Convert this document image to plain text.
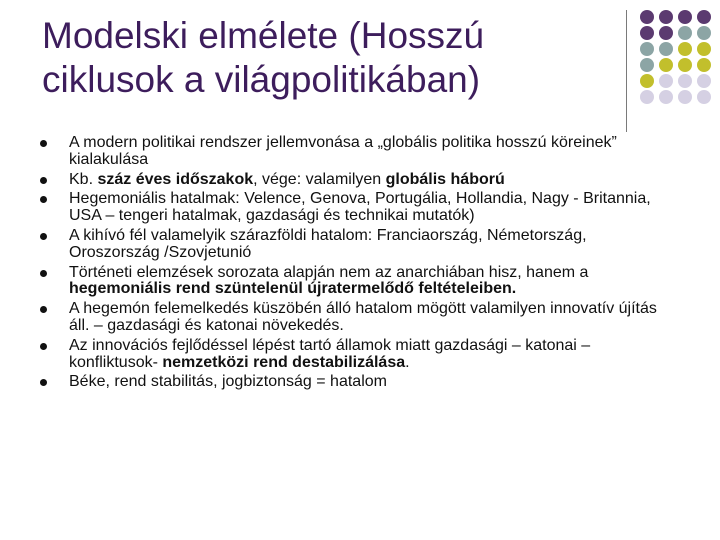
Modelski elmélete (Hosszú
ciklusok a világpolitikában)
A modern politikai rendszer jellemvonása a „globális politika hosszú köreinek” kialakulása
Kb. száz éves időszakok, vége: valamilyen globális háború
Hegemoniális hatalmak: Velence, Genova, Portugália, Hollandia, Nagy - Britannia, USA – tengeri hatalmak, gazdasági és technikai mutatók)
A kihívó fél valamelyik szárazföldi hatalom: Franciaország, Németország, Oroszország /Szovjetunió
Történeti elemzések sorozata alapján nem az anarchiában hisz, hanem a hegemoniális rend szüntelenül újratermelődő feltételeiben.
A hegemón felemelkedés küszöbén álló hatalom mögött valamilyen innovatív újítás áll. – gazdasági és katonai növekedés.
Az innovációs fejlődéssel lépést tartó államok miatt gazdasági – katonai – konfliktusok- nemzetközi rend destabilizálása.
Béke, rend stabilitás, jogbiztonság = hatalom
